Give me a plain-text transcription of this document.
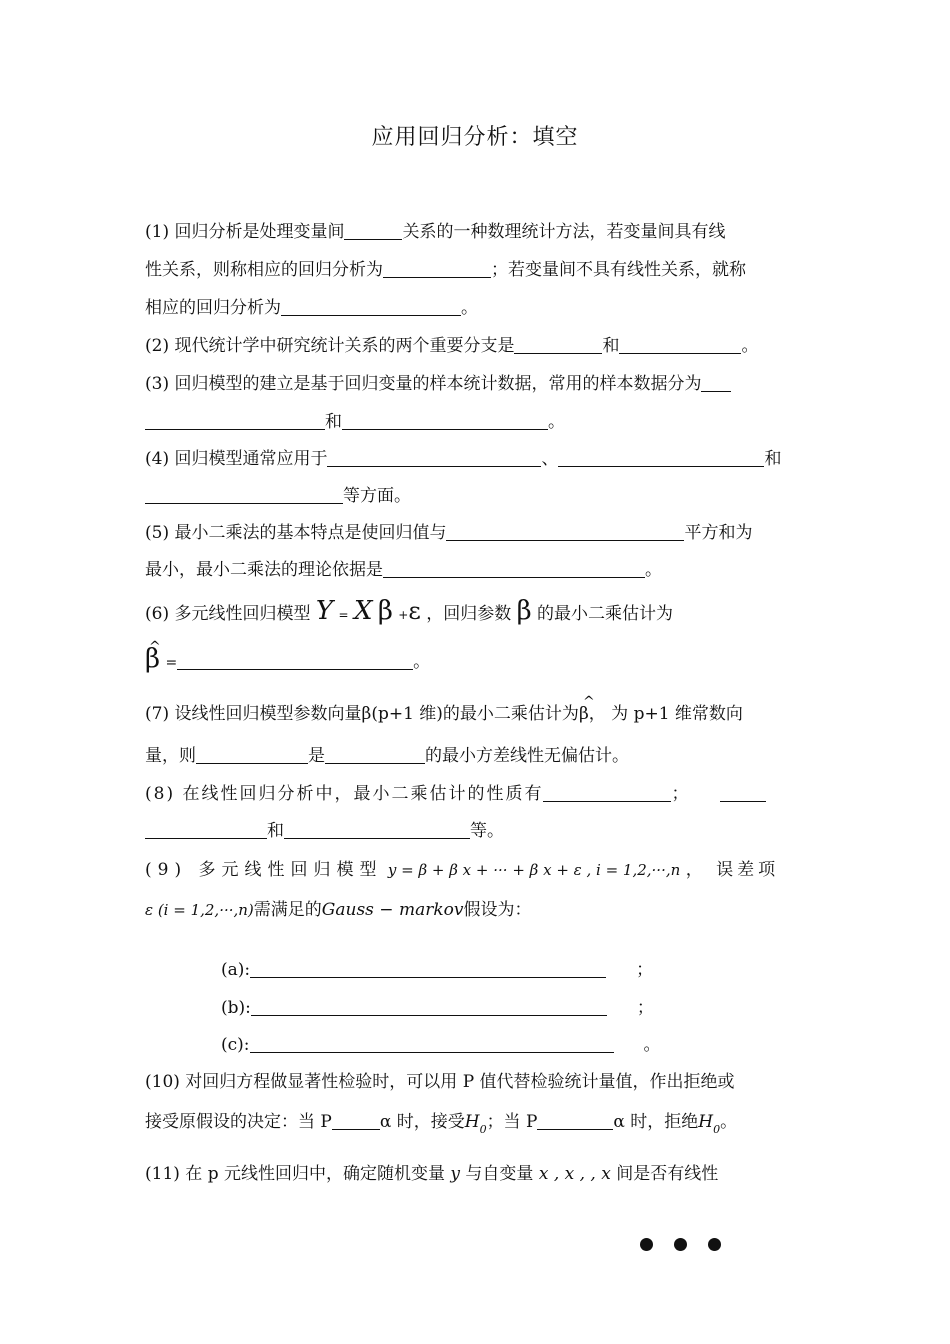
应用回归分析：填空
(1) 回归分析是处理变量间	关系的一种数理统计方法，若变量间具有线
性关系，则称相应的回归分析为	；若变量间不具有线性关系，就称
相应的回归分析为	。
(2) 现代统计学中研究统计关系的两个重要分支是	和	。
(3) 回归模型的建立是基于回归变量的样本统计数据，常用的样本数据分为
和	。
(4) 回归模型通常应用于	、	和
等方面。
(5) 最小二乘法的基本特点是使回归值与	平方和为
最小，最小二乘法的理论依据是	。
(6) 多元线性回归模型 Y = X β +ε ，回归参数 β 的最小二乘估计为
^ β =	。
(7) 设线性回归模型参数向量β(p+1 维)的最小二乘估计为^ β， 为 p+1 维常数向
量，则	是	的最小方差线性无偏估计。
(8) 在线性回归分析中，最小二乘估计的性质有	；
和	等。
(9) 多元线性回归模型 y = β + β x + ··· + β x + ε , i = 1,2,···,n ， 误差项
ε (i = 1,2,···,n)需满足的Gauss − markov假设为：
(a):	；
(b):	；
(c):	。
(10) 对回归方程做显著性检验时，可以用 P 值代替检验统计量值，作出拒绝或
接受原假设的决定：当 P	α 时，接受$H_0$；当 P	α 时，拒绝$H_0$。
(11) 在 p 元线性回归中，确定随机变量 y 与自变量 x , x , , x 间是否有线性
